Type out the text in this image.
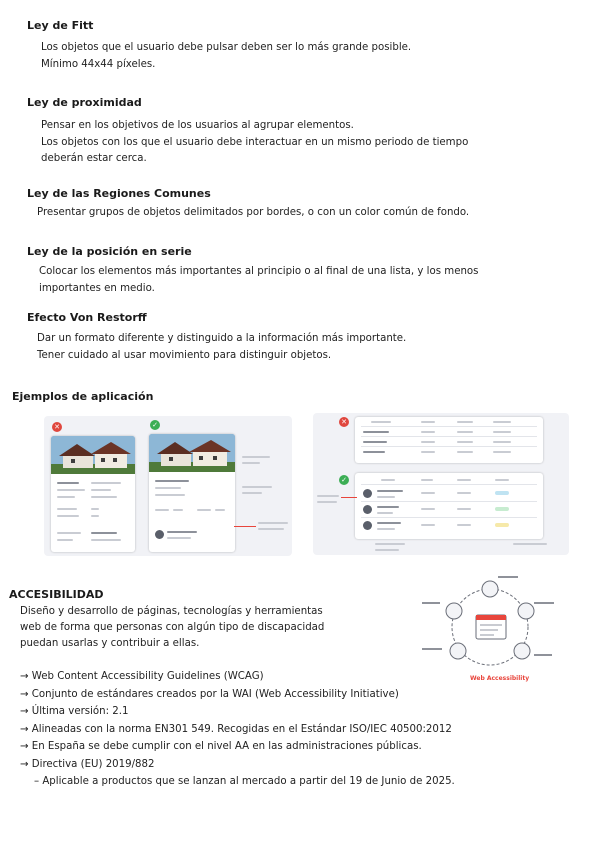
Ley de Fitt
Los objetos que el usuario debe pulsar deben ser lo más grande posible.
Mínimo 44x44 píxeles.
Ley de proximidad
Pensar en los objetivos de los usuarios al agrupar elementos.
Los objetos con los que el usuario debe interactuar en un mismo periodo de tiempo
deberán estar cerca.
Ley de las Regiones Comunes
Presentar grupos de objetos delimitados por bordes, o con un color común de fondo.
Ley de la posición en serie
Colocar los elementos más importantes al principio o al final de una lista, y los menos
importantes en medio.
Efecto Von Restorff
Dar un formato diferente y distinguido a la información más importante.
Tener cuidado al usar movimiento para distinguir objetos.
Ejemplos de aplicación
✕	✓	✕
✓
ACCESIBILIDAD
Diseño y desarrollo de páginas, tecnologías y herramientas
web de forma que personas con algún tipo de discapacidad
puedan usarlas y contribuir a ellas.
→ Web Content Accessibility Guidelines (WCAG)
→ Conjunto de estándares creados por la WAI (Web Accessibility Initiative)
→ Última versión: 2.1
→ Alineadas con la norma EN301 549. Recogidas en el Estándar ISO/IEC 40500:2012
→ En España se debe cumplir con el nivel AA en las administraciones públicas.
→ Directiva (EU) 2019/882
– Aplicable a productos que se lanzan al mercado a partir del 19 de Junio de 2025.
Web Accessibility
